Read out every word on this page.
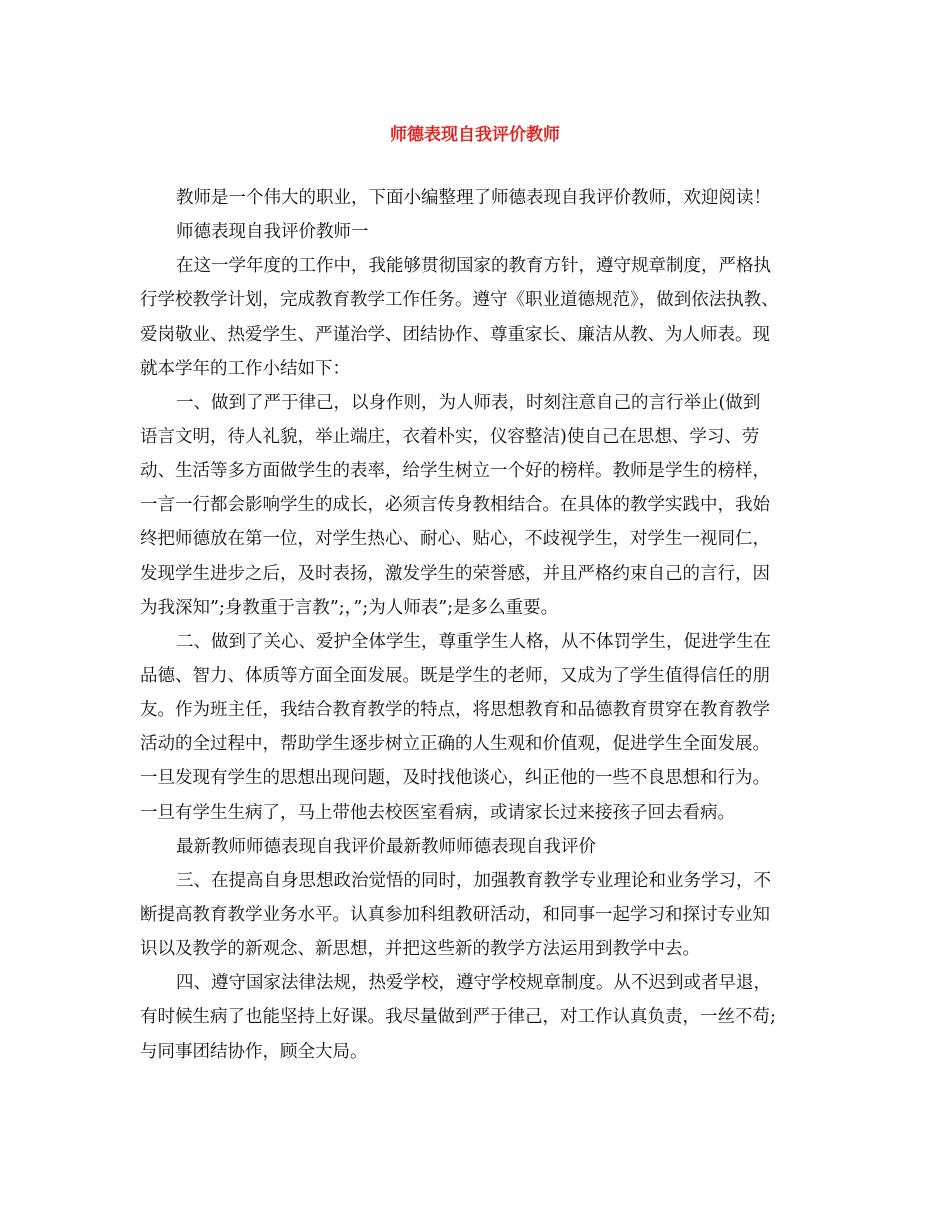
师德表现自我评价教师

教师是一个伟大的职业，下面小编整理了师德表现自我评价教师，欢迎阅读！

师德表现自我评价教师一

在这一学年度的工作中，我能够贯彻国家的教育方针，遵守规章制度，严格执

行学校教学计划，完成教育教学工作任务。遵守《职业道德规范》，做到依法执教、

爱岗敬业、热爱学生、严谨治学、团结协作、尊重家长、廉洁从教、为人师表。现

就本学年的工作小结如下：

一、做到了严于律己，以身作则，为人师表，时刻注意自己的言行举止(做到

语言文明，待人礼貌，举止端庄，衣着朴实，仪容整洁)使自己在思想、学习、劳

动、生活等多方面做学生的表率，给学生树立一个好的榜样。教师是学生的榜样，

一言一行都会影响学生的成长，必须言传身教相结合。在具体的教学实践中，我始

终把师德放在第一位，对学生热心、耐心、贴心，不歧视学生，对学生一视同仁，

发现学生进步之后，及时表扬，激发学生的荣誉感，并且严格约束自己的言行，因

为我深知”;身教重于言教”;，”;为人师表”;是多么重要。

二、做到了关心、爱护全体学生，尊重学生人格，从不体罚学生，促进学生在

品德、智力、体质等方面全面发展。既是学生的老师，又成为了学生值得信任的朋

友。作为班主任，我结合教育教学的特点，将思想教育和品德教育贯穿在教育教学

活动的全过程中，帮助学生逐步树立正确的人生观和价值观，促进学生全面发展。

一旦发现有学生的思想出现问题，及时找他谈心，纠正他的一些不良思想和行为。

一旦有学生生病了，马上带他去校医室看病，或请家长过来接孩子回去看病。

最新教师师德表现自我评价最新教师师德表现自我评价

三、在提高自身思想政治觉悟的同时，加强教育教学专业理论和业务学习，不

断提高教育教学业务水平。认真参加科组教研活动，和同事一起学习和探讨专业知

识以及教学的新观念、新思想，并把这些新的教学方法运用到教学中去。

四、遵守国家法律法规，热爱学校，遵守学校规章制度。从不迟到或者早退，

有时候生病了也能坚持上好课。我尽量做到严于律己，对工作认真负责，一丝不苟;

与同事团结协作，顾全大局。
